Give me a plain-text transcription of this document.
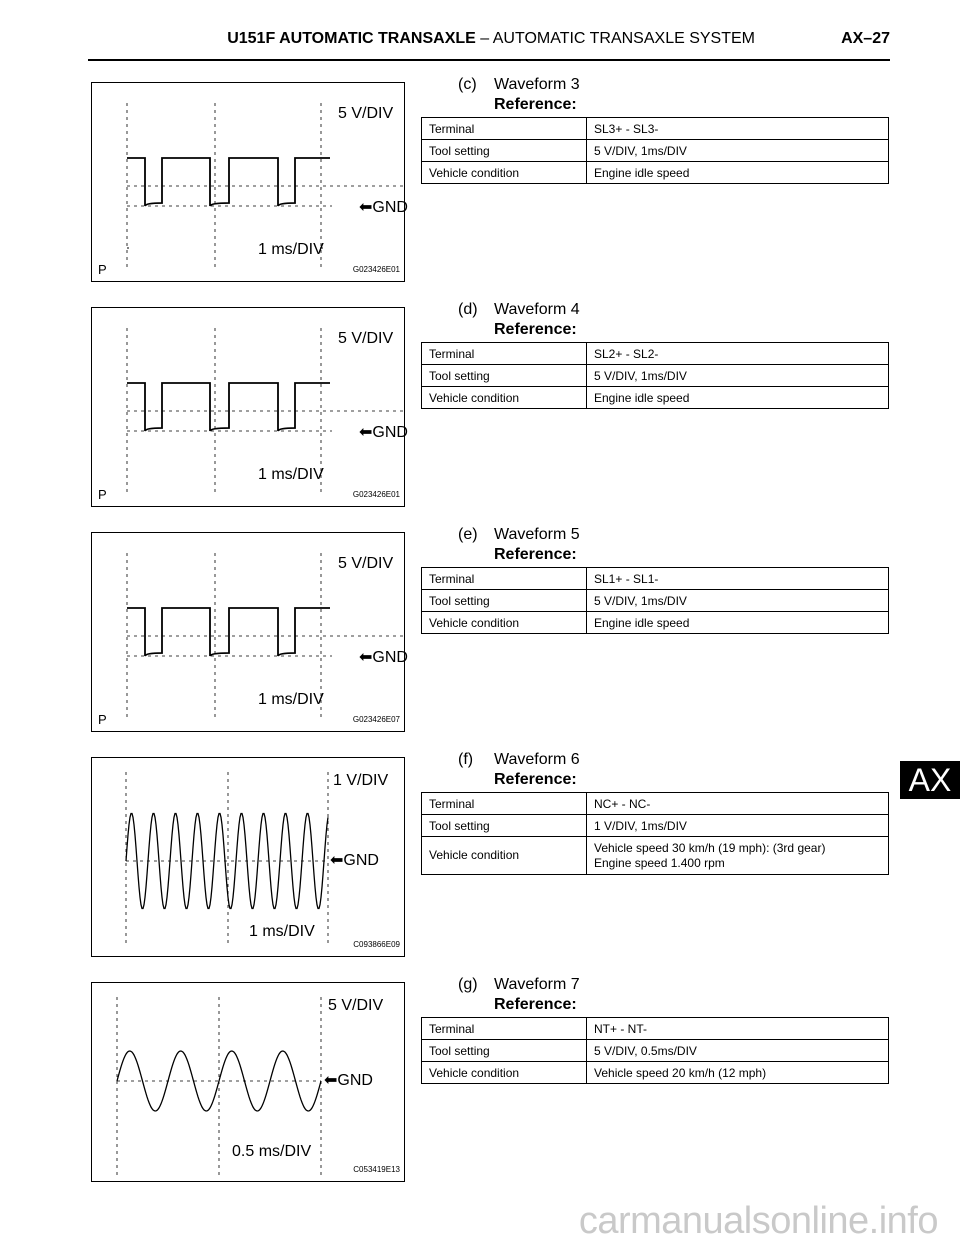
U151F AUTOMATIC TRANSAXLE – AUTOMATIC TRANSAXLE SYSTEM	AX–27
AX
5 V/DIV
⬅GND
1 ms/DIV
G023426E01
P
(c) Waveform 3
Reference:
Terminal	SL3+ - SL3-
Tool setting	5 V/DIV, 1ms/DIV
Vehicle condition	Engine idle speed
5 V/DIV
⬅GND
1 ms/DIV
G023426E01
P
(d) Waveform 4
Reference:
Terminal	SL2+ - SL2-
Tool setting	5 V/DIV, 1ms/DIV
Vehicle condition	Engine idle speed
5 V/DIV
⬅GND
1 ms/DIV
G023426E07
P
(e) Waveform 5
Reference:
Terminal	SL1+ - SL1-
Tool setting	5 V/DIV, 1ms/DIV
Vehicle condition	Engine idle speed
1 V/DIV
⬅GND
1 ms/DIV
C093866E09
(f) Waveform 6
Reference:
Terminal	NC+ - NC-
Tool setting	1 V/DIV, 1ms/DIV
Vehicle condition	Vehicle speed 30 km/h (19 mph): (3rd gear)
Engine speed 1.400 rpm
5 V/DIV
⬅GND
0.5 ms/DIV
C053419E13
(g) Waveform 7
Reference:
Terminal	NT+ - NT-
Tool setting	5 V/DIV, 0.5ms/DIV
Vehicle condition	Vehicle speed 20 km/h (12 mph)
carmanualsonline.info
